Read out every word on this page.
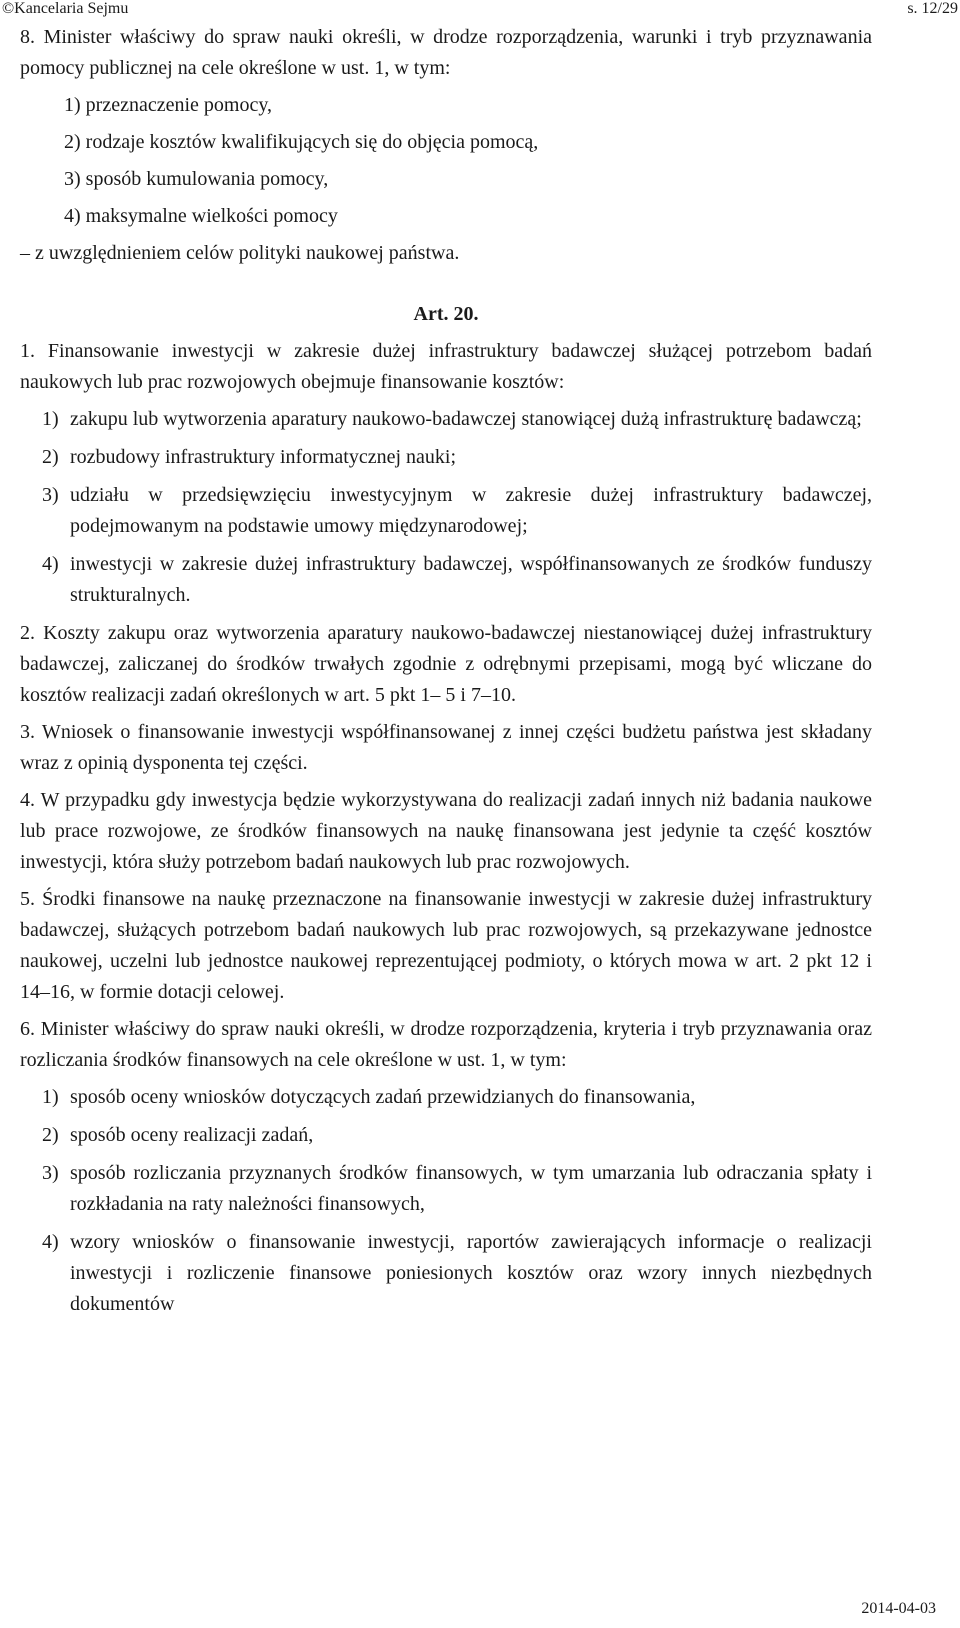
©Kancelaria Sejmu	s. 12/29

8. Minister właściwy do spraw nauki określi, w drodze rozporządzenia, warunki i tryb przyznawania pomocy publicznej na cele określone w ust. 1, w tym:

1) przeznaczenie pomocy,
2) rodzaje kosztów kwalifikujących się do objęcia pomocą,
3) sposób kumulowania pomocy,
4) maksymalne wielkości pomocy

– z uwzględnieniem celów polityki naukowej państwa.

Art. 20.

1. Finansowanie inwestycji w zakresie dużej infrastruktury badawczej służącej potrzebom badań naukowych lub prac rozwojowych obejmuje finansowanie kosztów:

1) zakupu lub wytworzenia aparatury naukowo-badawczej stanowiącej dużą infrastrukturę badawczą;
2) rozbudowy infrastruktury informatycznej nauki;
3) udziału w przedsięwzięciu inwestycyjnym w zakresie dużej infrastruktury badawczej, podejmowanym na podstawie umowy międzynarodowej;
4) inwestycji w zakresie dużej infrastruktury badawczej, współfinansowanych ze środków funduszy strukturalnych.

2. Koszty zakupu oraz wytworzenia aparatury naukowo-badawczej niestanowiącej dużej infrastruktury badawczej, zaliczanej do środków trwałych zgodnie z odrębnymi przepisami, mogą być wliczane do kosztów realizacji zadań określonych w art. 5 pkt 1– 5 i 7–10.

3. Wniosek o finansowanie inwestycji współfinansowanej z innej części budżetu państwa jest składany wraz z opinią dysponenta tej części.

4. W przypadku gdy inwestycja będzie wykorzystywana do realizacji zadań innych niż badania naukowe lub prace rozwojowe, ze środków finansowych na naukę finansowana jest jedynie ta część kosztów inwestycji, która służy potrzebom badań naukowych lub prac rozwojowych.

5. Środki finansowe na naukę przeznaczone na finansowanie inwestycji w zakresie dużej infrastruktury badawczej, służących potrzebom badań naukowych lub prac rozwojowych, są przekazywane jednostce naukowej, uczelni lub jednostce naukowej reprezentującej podmioty, o których mowa w art. 2 pkt 12 i 14–16, w formie dotacji celowej.

6. Minister właściwy do spraw nauki określi, w drodze rozporządzenia, kryteria i tryb przyznawania oraz rozliczania środków finansowych na cele określone w ust. 1, w tym:

1) sposób oceny wniosków dotyczących zadań przewidzianych do finansowania,
2) sposób oceny realizacji zadań,
3) sposób rozliczania przyznanych środków finansowych, w tym umarzania lub odraczania spłaty i rozkładania na raty należności finansowych,
4) wzory wniosków o finansowanie inwestycji, raportów zawierających informacje o realizacji inwestycji i rozliczenie finansowe poniesionych kosztów oraz wzory innych niezbędnych dokumentów
2014-04-03
